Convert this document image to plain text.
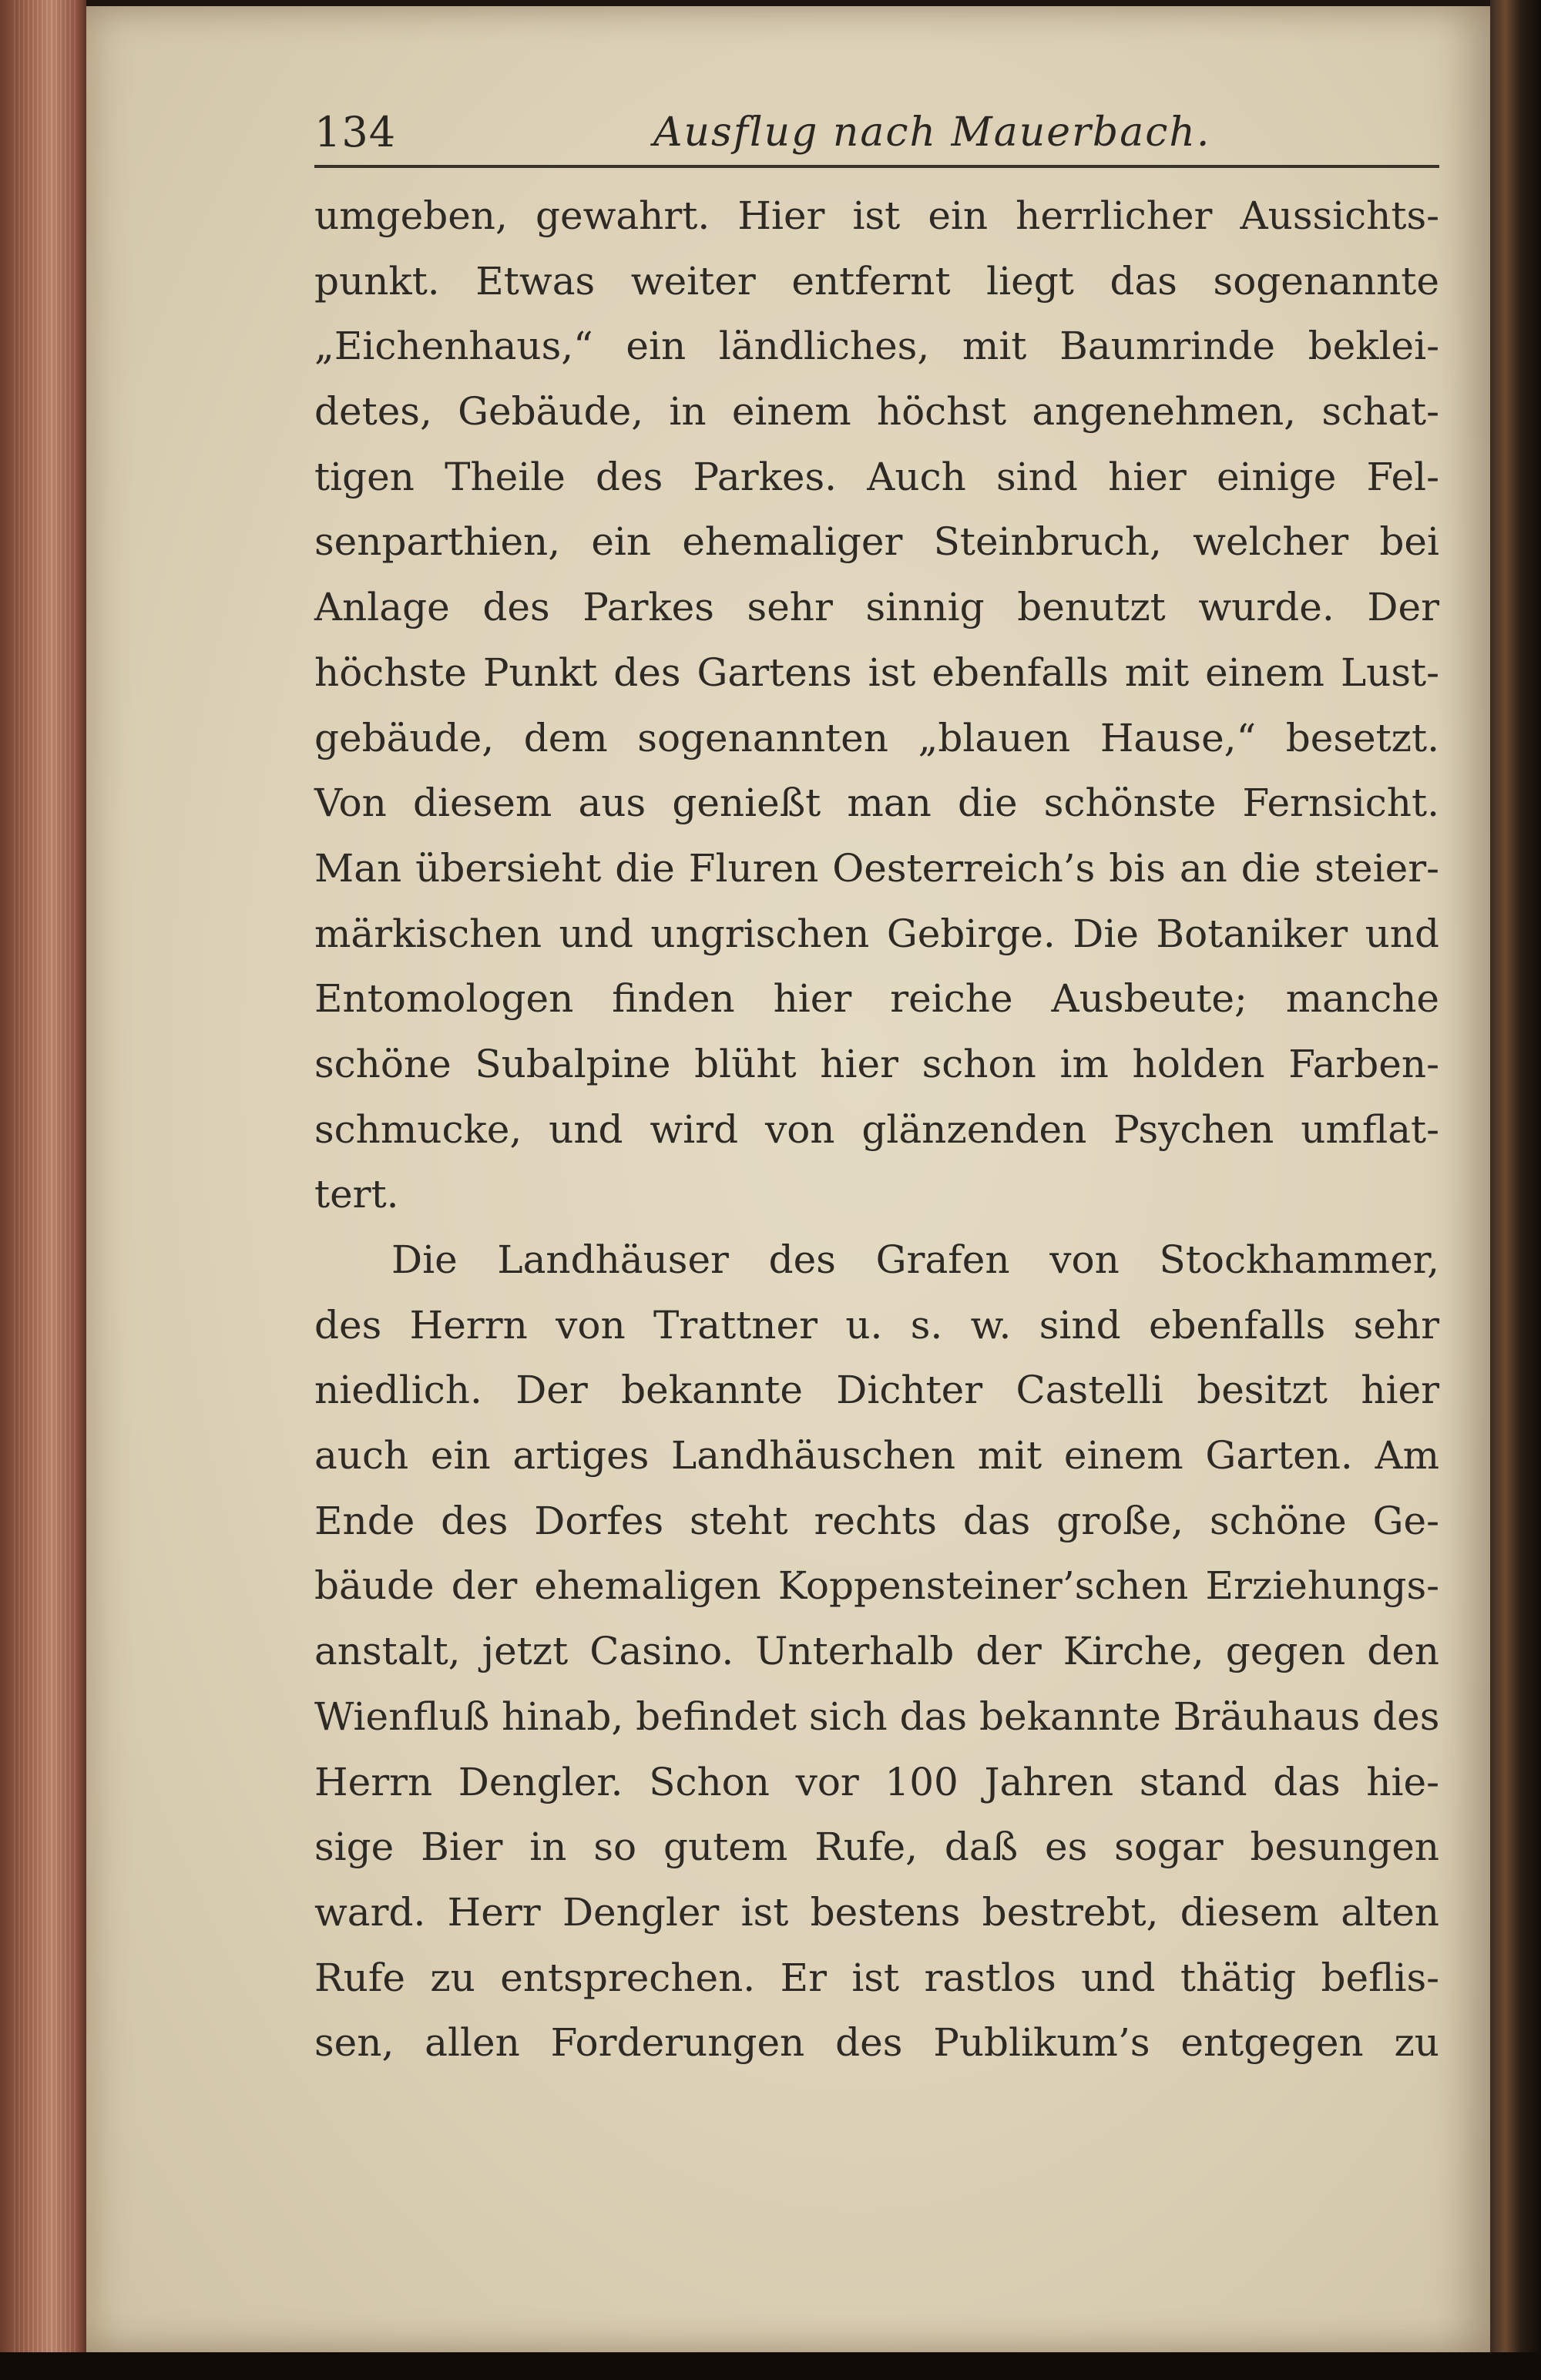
134	Ausflug nach Mauerbach.
umgeben, gewahrt. Hier ist ein herrlicher Aussichts-
punkt. Etwas weiter entfernt liegt das sogenannte
„Eichenhaus,“ ein ländliches, mit Baumrinde beklei-
detes, Gebäude, in einem höchst angenehmen, schat-
tigen Theile des Parkes. Auch sind hier einige Fel-
senparthien, ein ehemaliger Steinbruch, welcher bei
Anlage des Parkes sehr sinnig benutzt wurde. Der
höchste Punkt des Gartens ist ebenfalls mit einem Lust-
gebäude, dem sogenannten „blauen Hause,“ besetzt.
Von diesem aus genießt man die schönste Fernsicht.
Man übersieht die Fluren Oesterreich’s bis an die steier-
märkischen und ungrischen Gebirge. Die Botaniker und
Entomologen finden hier reiche Ausbeute; manche
schöne Subalpine blüht hier schon im holden Farben-
schmucke, und wird von glänzenden Psychen umflat-
tert.
Die Landhäuser des Grafen von Stockhammer,
des Herrn von Trattner u. s. w. sind ebenfalls sehr
niedlich. Der bekannte Dichter Castelli besitzt hier
auch ein artiges Landhäuschen mit einem Garten. Am
Ende des Dorfes steht rechts das große, schöne Ge-
bäude der ehemaligen Koppensteiner’schen Erziehungs-
anstalt, jetzt Casino. Unterhalb der Kirche, gegen den
Wienfluß hinab, befindet sich das bekannte Bräuhaus des
Herrn Dengler. Schon vor 100 Jahren stand das hie-
sige Bier in so gutem Rufe, daß es sogar besungen
ward. Herr Dengler ist bestens bestrebt, diesem alten
Rufe zu entsprechen. Er ist rastlos und thätig beflis-
sen, allen Forderungen des Publikum’s entgegen zu
